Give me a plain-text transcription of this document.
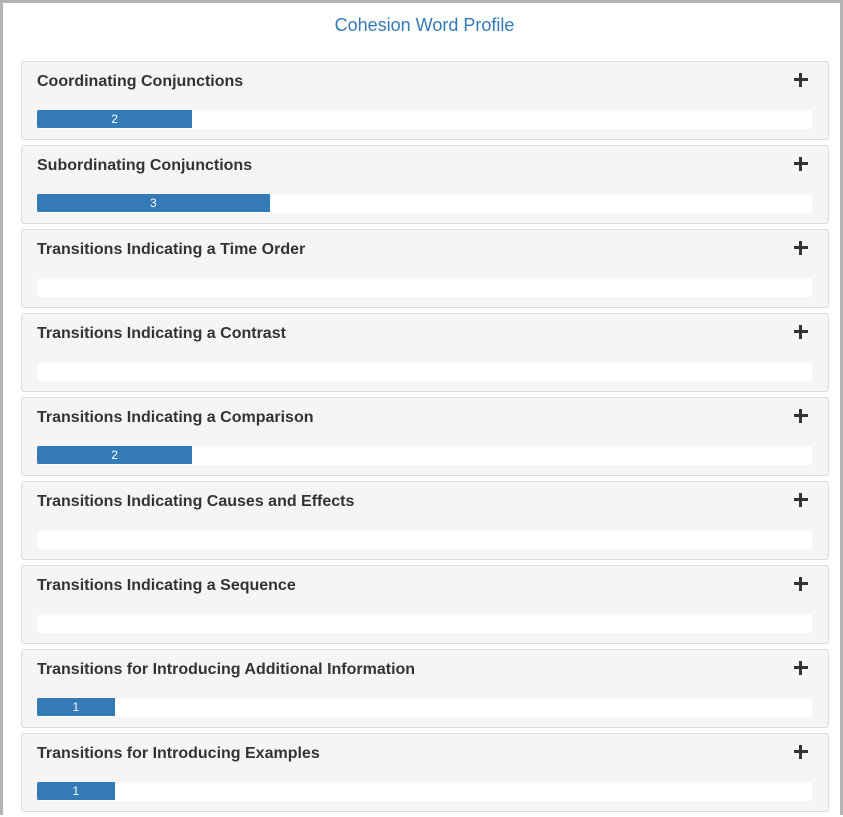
Cohesion Word Profile
Coordinating Conjunctions
2
Subordinating Conjunctions
3
Transitions Indicating a Time Order
Transitions Indicating a Contrast
Transitions Indicating a Comparison
2
Transitions Indicating Causes and Effects
Transitions Indicating a Sequence
Transitions for Introducing Additional Information
1
Transitions for Introducing Examples
1
